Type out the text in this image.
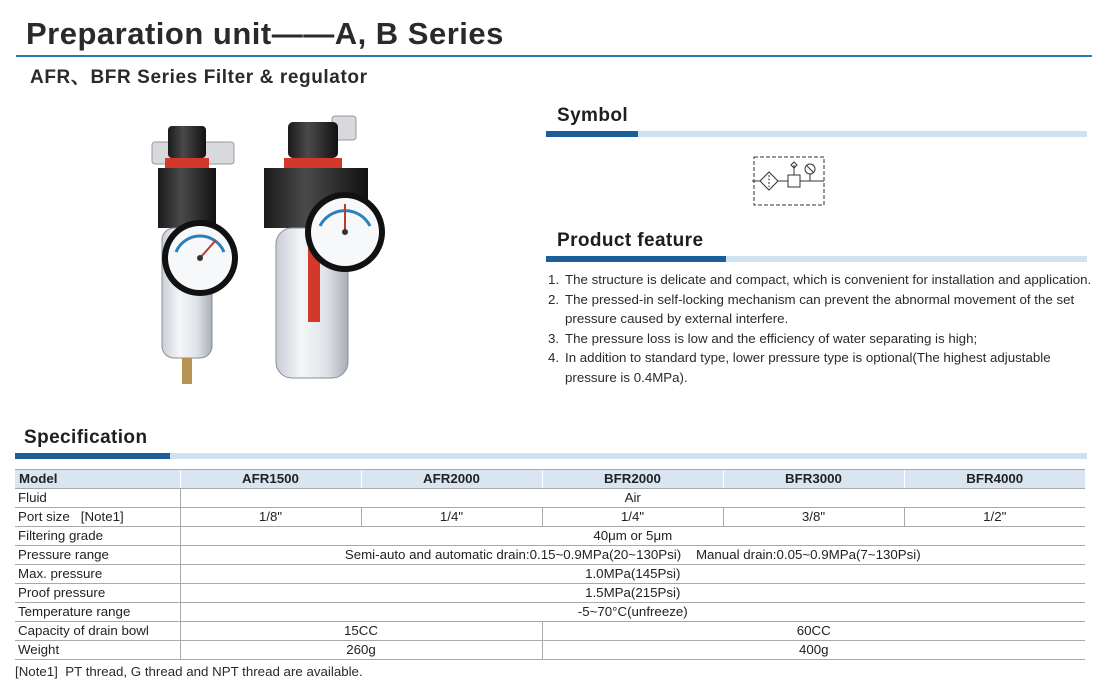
Preparation unit——A, B Series
AFR、BFR Series Filter & regulator
Symbol
Product feature
1. The structure is delicate and compact, which is convenient for installation and application.
2. The pressed-in self-locking mechanism can prevent the abnormal movement of the set pressure caused by external interfere.
3. The pressure loss is low and the efficiency of water separating is high;
4. In addition to standard type, lower pressure type is optional(The highest adjustable pressure is 0.4MPa).
Specification
Model	AFR1500	AFR2000	BFR2000	BFR3000	BFR4000
Fluid	Air				
Port size   [Note1]	1/8"	1/4"	1/4"	3/8"	1/2"
Filtering grade	40μm or 5μm				
Pressure range	Semi-auto and automatic drain:0.15~0.9MPa(20~130Psi)    Manual drain:0.05~0.9MPa(7~130Psi)				
Max. pressure	1.0MPa(145Psi)				
Proof pressure	1.5MPa(215Psi)				
Temperature range	-5~70°C(unfreeze)				
Capacity of drain bowl	15CC		60CC		
Weight	260g		400g		
[Note1]  PT thread, G thread and NPT thread are available.
